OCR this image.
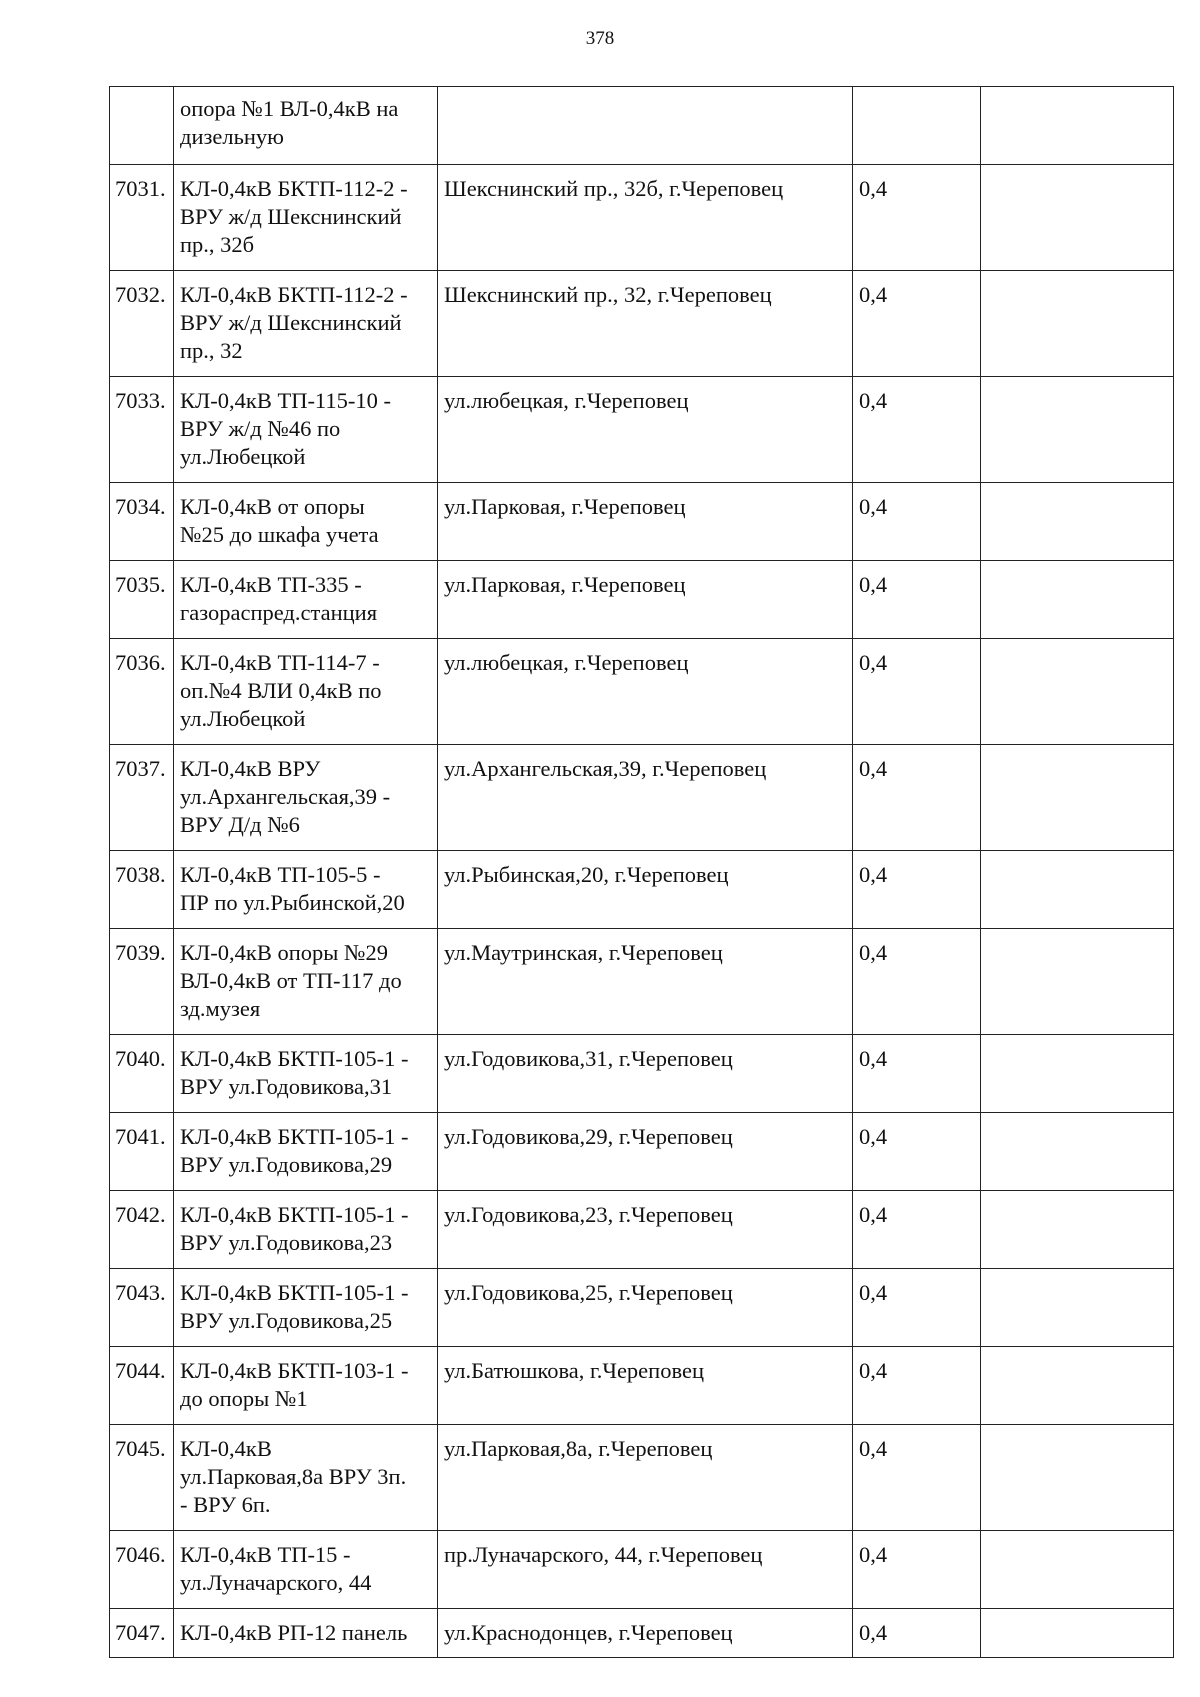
378
	опора №1 ВЛ-0,4кВ на
дизельную			
7031.	КЛ-0,4кВ БКТП-112-2 -
ВРУ ж/д Шекснинский
пр., 32б	Шекснинский пр., 32б, г.Череповец	0,4	
7032.	КЛ-0,4кВ БКТП-112-2 -
ВРУ ж/д Шекснинский
пр., 32	Шекснинский пр., 32, г.Череповец	0,4	
7033.	КЛ-0,4кВ ТП-115-10 -
ВРУ ж/д №46 по
ул.Любецкой	ул.любецкая, г.Череповец	0,4	
7034.	КЛ-0,4кВ от опоры
№25 до шкафа учета	ул.Парковая, г.Череповец	0,4	
7035.	КЛ-0,4кВ ТП-335 -
газораспред.станция	ул.Парковая, г.Череповец	0,4	
7036.	КЛ-0,4кВ ТП-114-7 -
оп.№4 ВЛИ 0,4кВ по
ул.Любецкой	ул.любецкая, г.Череповец	0,4	
7037.	КЛ-0,4кВ ВРУ
ул.Архангельская,39 -
ВРУ Д/д №6	ул.Архангельская,39, г.Череповец	0,4	
7038.	КЛ-0,4кВ ТП-105-5 -
ПР по ул.Рыбинской,20	ул.Рыбинская,20, г.Череповец	0,4	
7039.	КЛ-0,4кВ опоры №29
ВЛ-0,4кВ от ТП-117 до
зд.музея	ул.Маутринская, г.Череповец	0,4	
7040.	КЛ-0,4кВ БКТП-105-1 -
ВРУ ул.Годовикова,31	ул.Годовикова,31, г.Череповец	0,4	
7041.	КЛ-0,4кВ БКТП-105-1 -
ВРУ ул.Годовикова,29	ул.Годовикова,29, г.Череповец	0,4	
7042.	КЛ-0,4кВ БКТП-105-1 -
ВРУ ул.Годовикова,23	ул.Годовикова,23, г.Череповец	0,4	
7043.	КЛ-0,4кВ БКТП-105-1 -
ВРУ ул.Годовикова,25	ул.Годовикова,25, г.Череповец	0,4	
7044.	КЛ-0,4кВ БКТП-103-1 -
до опоры №1	ул.Батюшкова, г.Череповец	0,4	
7045.	КЛ-0,4кВ
ул.Парковая,8а ВРУ 3п.
- ВРУ 6п.	ул.Парковая,8а, г.Череповец	0,4	
7046.	КЛ-0,4кВ ТП-15 -
ул.Луначарского, 44	пр.Луначарского, 44, г.Череповец	0,4	
7047.	КЛ-0,4кВ РП-12 панель	ул.Краснодонцев, г.Череповец	0,4	
